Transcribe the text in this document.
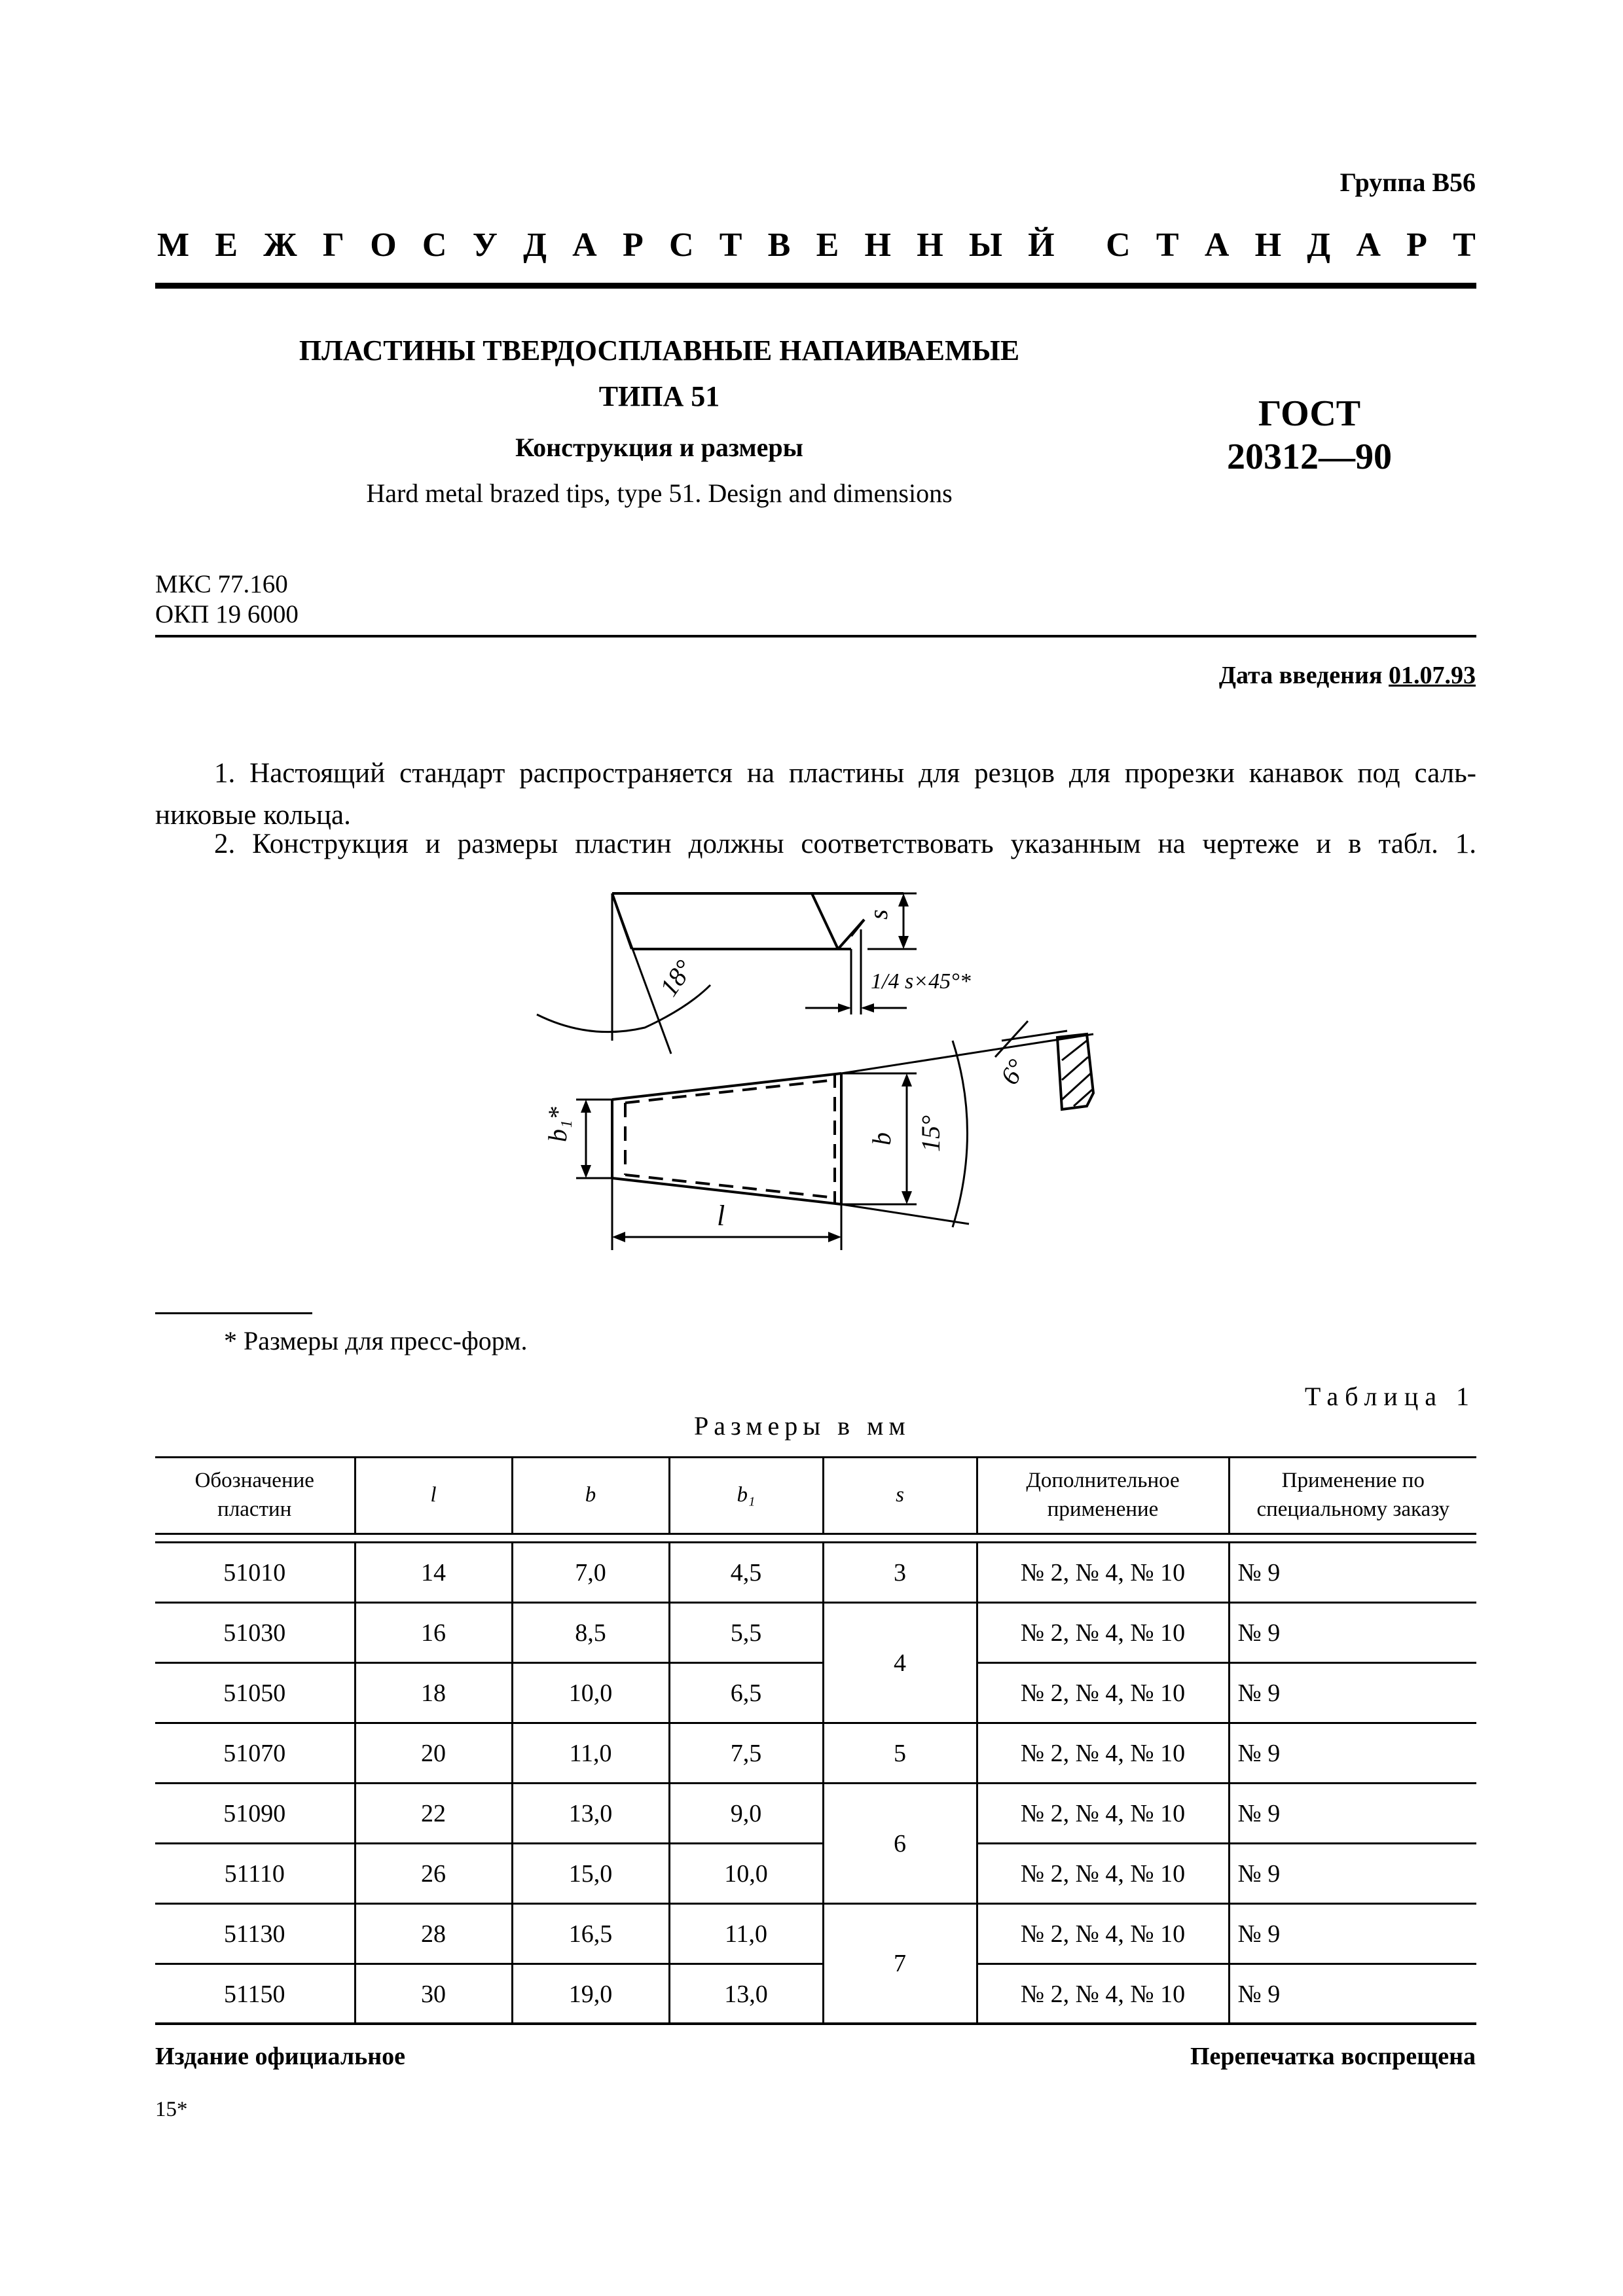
Группа В56
М Е Ж Г О С У Д А Р С Т В Е Н Н Ы Й С Т А Н Д А Р Т
ПЛАСТИНЫ ТВЕРДОСПЛАВНЫЕ НАПАИВАЕМЫЕ
ТИПА 51
Конструкция и размеры
Hard metal brazed tips, type 51. Design and dimensions
ГОСТ
20312—90
МКС 77.160
ОКП 19 6000
Дата введения 01.07.93
1. Настоящий стандарт распространяется на пластины для резцов для прорезки канавок под саль-
никовые кольца.
2. Конструкция и размеры пластин должны соответствовать указанным на чертеже и в табл. 1.
18°
s
1/4 s×45°*
6°
b₁*	b 15°
l
* Размеры для пресс-форм.
Таблица 1
Размеры в мм
Обозначение пластин	l	b	b₁	s	Дополнительное применение	Применение по специальному заказу

51010	14	7,0	4,5	3	№ 2, № 4, № 10	№ 9
51030	16	8,5	5,5	4	№ 2, № 4, № 10	№ 9
51050	18	10,0	6,5		№ 2, № 4, № 10	№ 9
51070	20	11,0	7,5	5	№ 2, № 4, № 10	№ 9
51090	22	13,0	9,0	6	№ 2, № 4, № 10	№ 9
51110	26	15,0	10,0		№ 2, № 4, № 10	№ 9
51130	28	16,5	11,0	7	№ 2, № 4, № 10	№ 9
51150	30	19,0	13,0		№ 2, № 4, № 10	№ 9
Издание официальное	Перепечатка воспрещена
15*
